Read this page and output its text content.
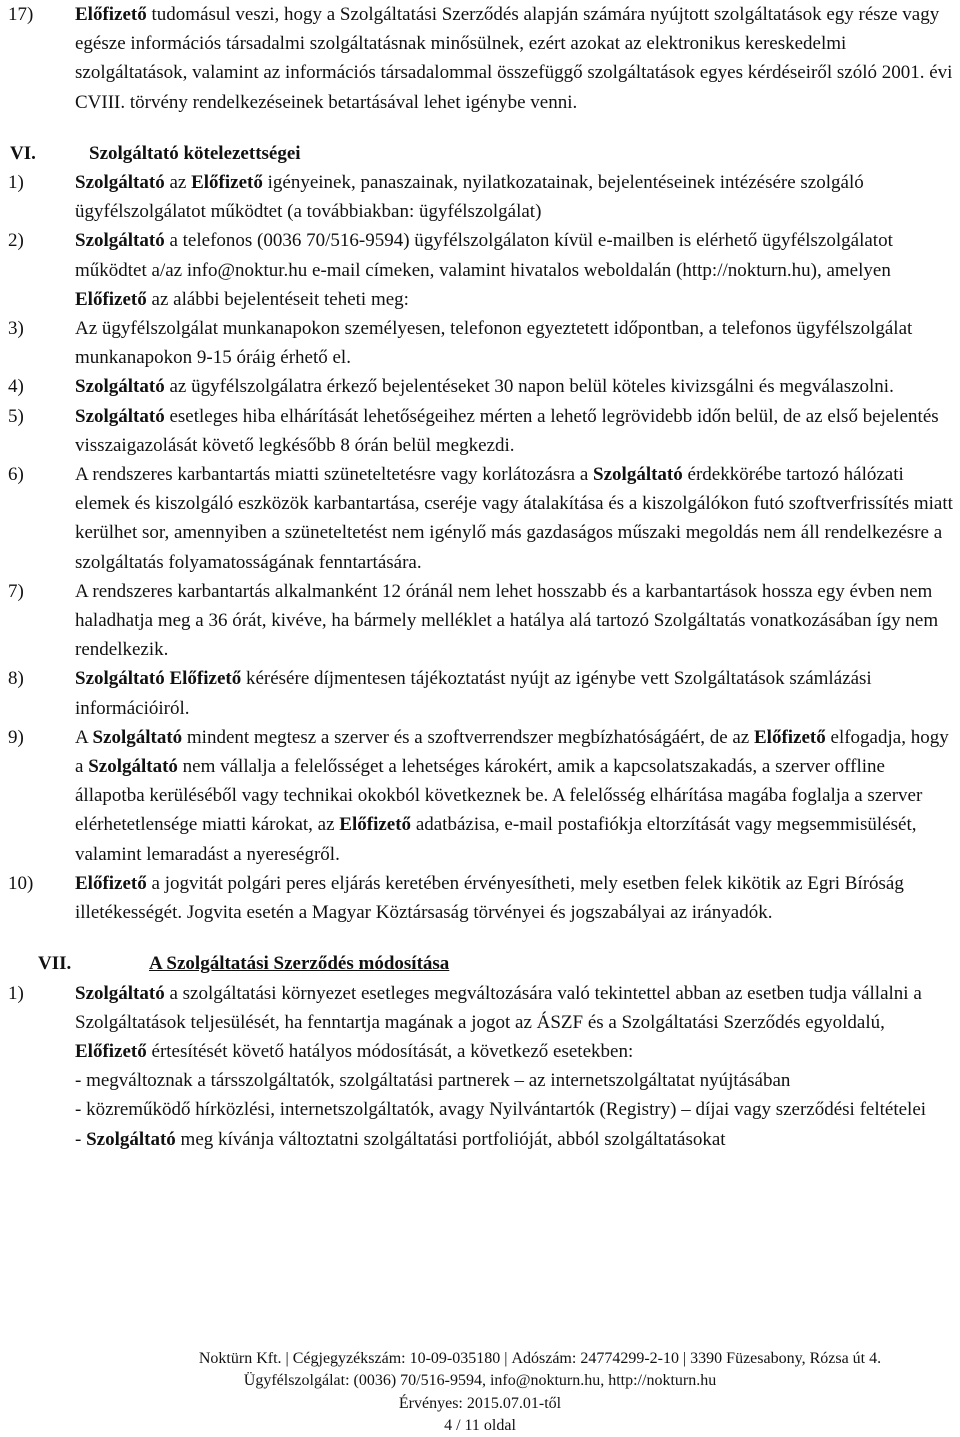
17) Előfizető tudomásul veszi, hogy a Szolgáltatási Szerződés alapján számára nyújtott szolgáltatások egy része vagy egésze információs társadalmi szolgáltatásnak minősülnek, ezért azokat az elektronikus kereskedelmi szolgáltatások, valamint az információs társadalommal összefüggő szolgáltatások egyes kérdéseiről szóló 2001. évi CVIII. törvény rendelkezéseinek betartásával lehet igénybe venni.
VI.	Szolgáltató kötelezettségei

1)	Szolgáltató az Előfizető igényeinek, panaszainak, nyilatkozatainak, bejelentéseinek intézésére szolgáló ügyfélszolgálatot működtet (a továbbiakban: ügyfélszolgálat)
2)	Szolgáltató a telefonos (0036 70/516-9594) ügyfélszolgálaton kívül e-mailben is elérhető ügyfélszolgálatot működtet a/az info@noktur.hu e-mail címeken, valamint hivatalos weboldalán (http://nokturn.hu), amelyen Előfizető az alábbi bejelentéseit teheti meg:
3)	Az ügyfélszolgálat munkanapokon személyesen, telefonon egyeztetett időpontban, a telefonos ügyfélszolgálat munkanapokon 9-15 óráig érhető el.
4)	Szolgáltató az ügyfélszolgálatra érkező bejelentéseket 30 napon belül köteles kivizsgálni és megválaszolni.
5)	Szolgáltató esetleges hiba elhárítását lehetőségeihez mérten a lehető legrövidebb időn belül, de az első bejelentés visszaigazolását követő legkésőbb 8 órán belül megkezdi.
6)	A rendszeres karbantartás miatti szüneteltetésre vagy korlátozásra a Szolgáltató érdekkörébe tartozó hálózati elemek és kiszolgáló eszközök karbantartása, cseréje vagy átalakítása és a kiszolgálókon futó szoftverfrissítés miatt kerülhet sor, amennyiben a szüneteltetést nem igénylő más gazdaságos műszaki megoldás nem áll rendelkezésre a szolgáltatás folyamatosságának fenntartására.
7)	A rendszeres karbantartás alkalmanként 12 óránál nem lehet hosszabb és a karbantartások hossza egy évben nem haladhatja meg a 36 órát, kivéve, ha bármely melléklet a hatálya alá tartozó Szolgáltatás vonatkozásában így nem rendelkezik.
8)	Szolgáltató Előfizető kérésére díjmentesen tájékoztatást nyújt az igénybe vett Szolgáltatások számlázási információiról.
9)	A Szolgáltató mindent megtesz a szerver és a szoftverrendszer megbízhatóságáért, de az Előfizető elfogadja, hogy a Szolgáltató nem vállalja a felelősséget a lehetséges károkért, amik a kapcsolatszakadás, a szerver offline állapotba kerüléséből vagy technikai okokból következnek be. A felelősség elhárítása magába foglalja a szerver elérhetetlensége miatti károkat, az Előfizető adatbázisa, e-mail postafiókja eltorzítását vagy megsemmisülését, valamint lemaradást a nyereségről.
10) Előfizető a jogvitát polgári peres eljárás keretében érvényesítheti, mely esetben felek kikötik az Egri Bíróság illetékességét. Jogvita esetén a Magyar Köztársaság törvényei és jogszabályai az irányadók.
VII.	A Szolgáltatási Szerződés módosítása

1)	Szolgáltató a szolgáltatási környezet esetleges megváltozására való tekintettel abban az esetben tudja vállalni a Szolgáltatások teljesülését, ha fenntartja magának a jogot az ÁSZF és a Szolgáltatási Szerződés egyoldalú, Előfizető értesítését követő hatályos módosítását, a következő esetekben:
- megváltoznak a társszolgáltatók, szolgáltatási partnerek – az internetszolgáltatat nyújtásában
- közreműködő hírközlési, internetszolgáltatók, avagy Nyilvántartók (Registry) – díjai vagy szerződési feltételei
- Szolgáltató meg kívánja változtatni szolgáltatási portfolióját, abból szolgáltatásokat
Noktürn Kft. | Cégjegyzékszám: 10-09-035180 | Adószám: 24774299-2-10 | 3390 Füzesabony, Rózsa út 4.
Ügyfélszolgálat: (0036) 70/516-9594, info@nokturn.hu, http://nokturn.hu
Érvényes: 2015.07.01-től
4 / 11 oldal
